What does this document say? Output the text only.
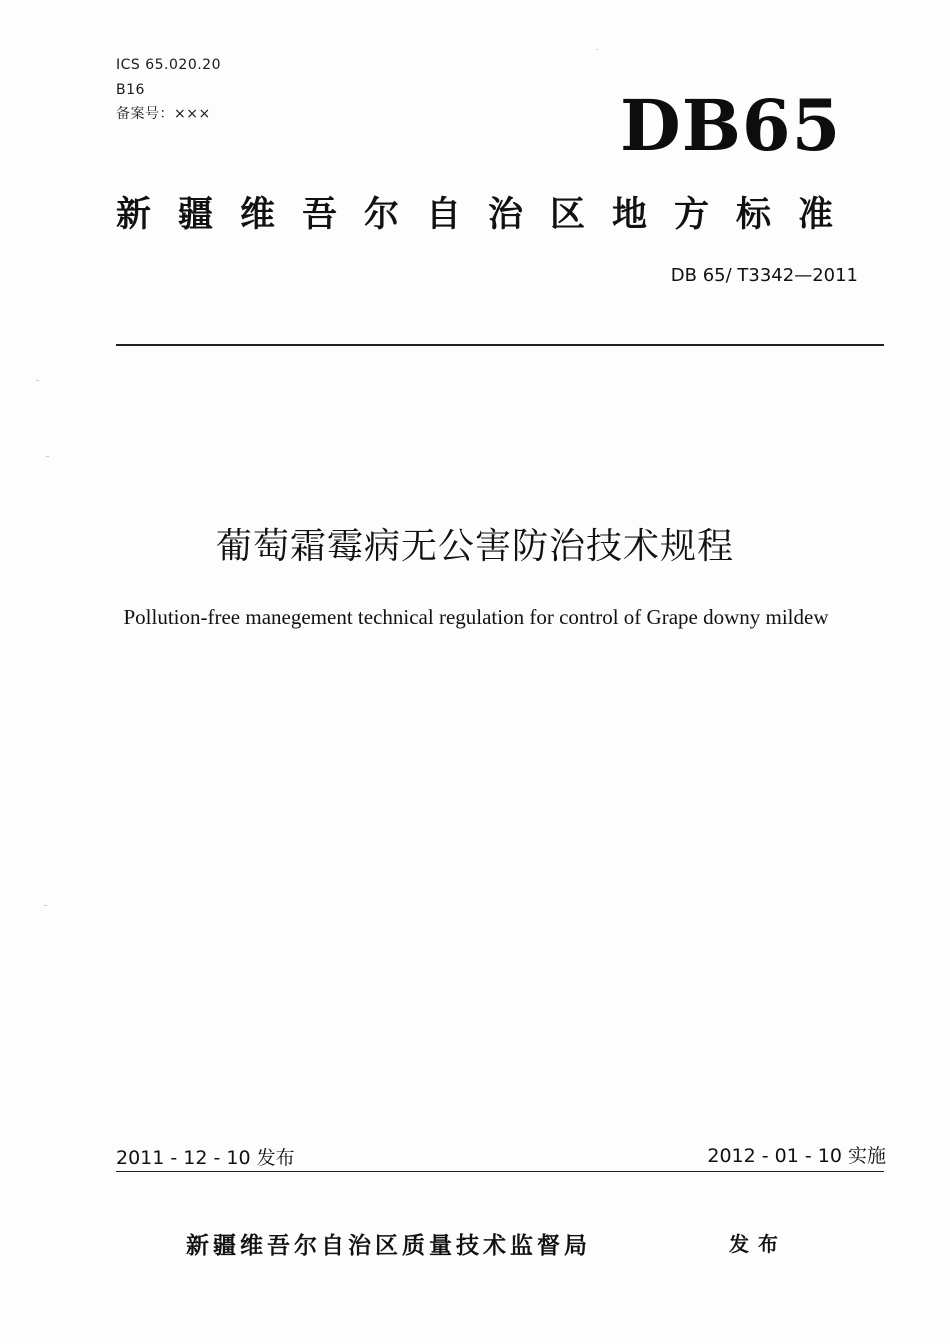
ICS 65.020.20
B16
备案号：×××	DB65
新疆维吾尔自治区地方标准
DB 65/ T3342—2011
葡萄霜霉病无公害防治技术规程
Pollution-free manegement technical regulation for control of Grape downy mildew
2011 - 12 - 10 发布	2012 - 01 - 10 实施
新疆维吾尔自治区质量技术监督局	发布
